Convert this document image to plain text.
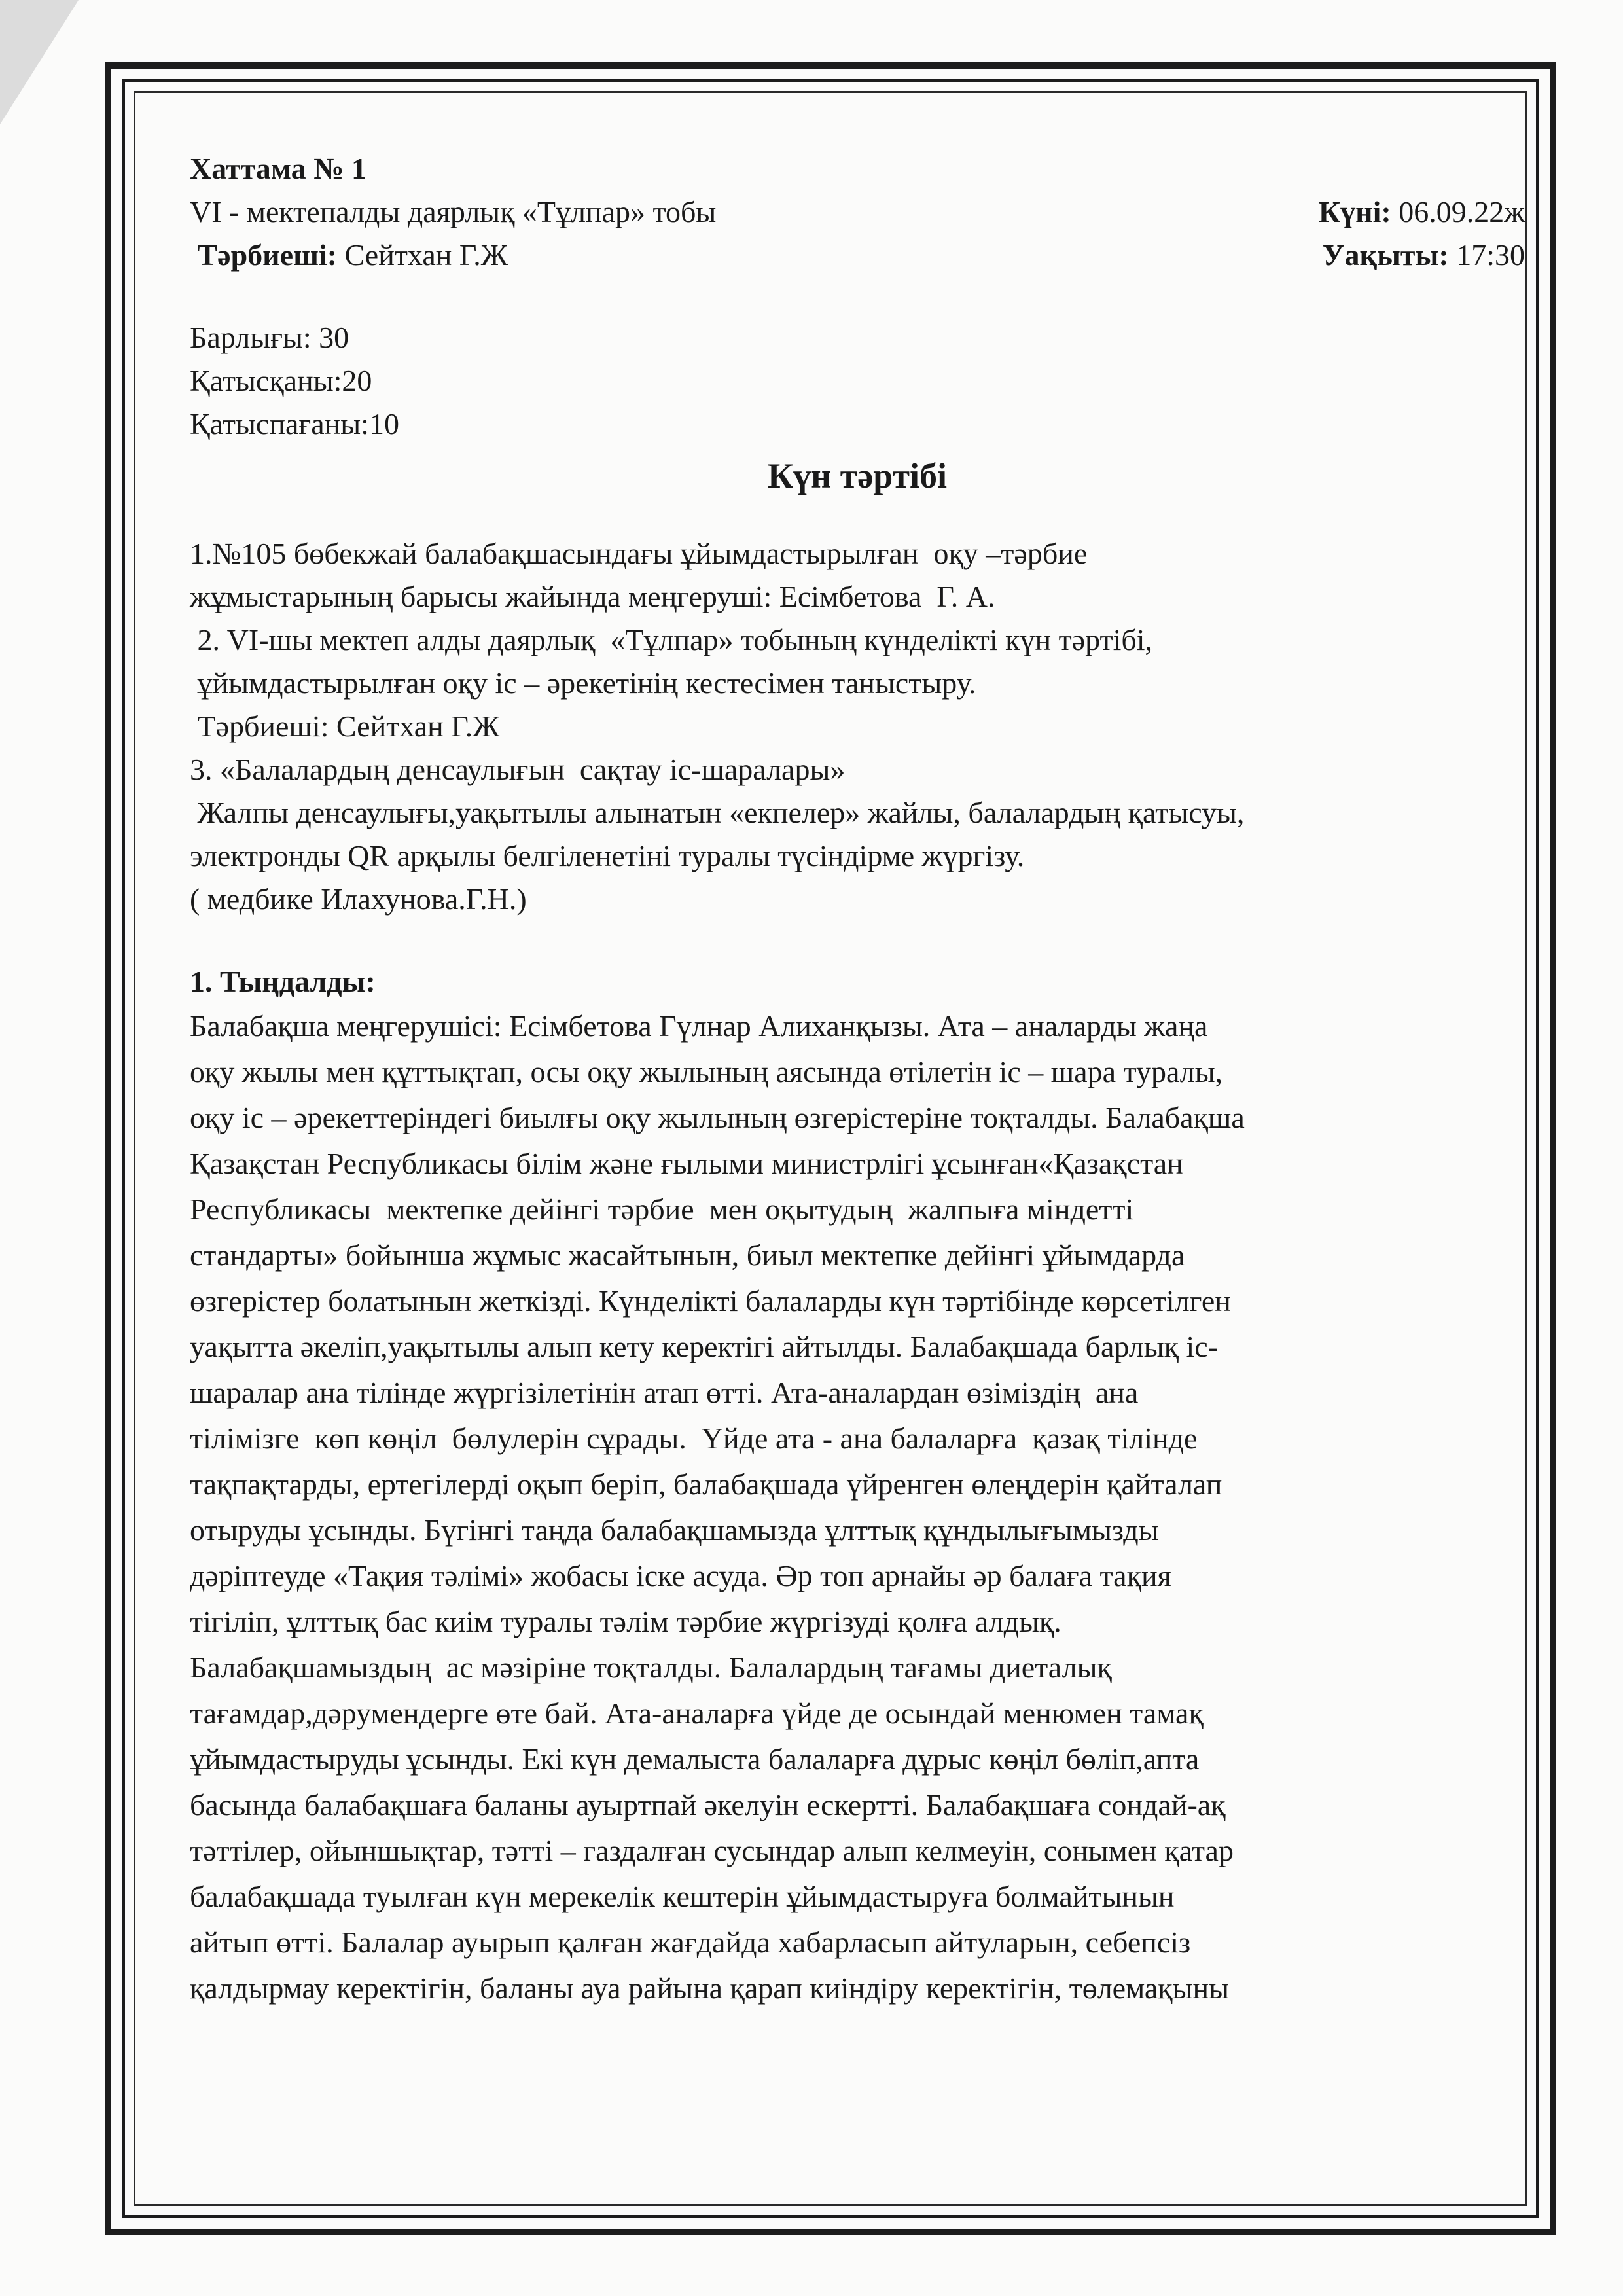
Хаттама № 1
VI - мектепалды даярлық «Тұлпар» тобы	Күні: 06.09.22ж
Тәрбиеші: Сейтхан Г.Ж	Уақыты: 17:30
Барлығы: 30
Қатысқаны:20
Қатыспағаны:10
Күн тәртібі
1.№105 бөбекжай балабақшасындағы ұйымдастырылған  оқу –тәрбие
жұмыстарының барысы жайында меңгеруші: Есімбетова  Г. А.
2. VI-шы мектеп алды даярлық  «Тұлпар» тобының күнделікті күн тәртібі,
ұйымдастырылған оқу іс – әрекетінің кестесімен таныстыру.
Тәрбиеші: Сейтхан Г.Ж
3. «Балалардың денсаулығын  сақтау іс-шаралары»
Жалпы денсаулығы,уақытылы алынатын «екпелер» жайлы, балалардың қатысуы,
электронды QR арқылы белгіленетіні туралы түсіндірме жүргізу.
( медбике Илахунова.Г.Н.)
1. Тыңдалды:
Балабақша меңгерушісі: Есімбетова Гүлнар Алиханқызы. Ата – аналарды жаңа
оқу жылы мен құттықтап, осы оқу жылының аясында өтілетін іс – шара туралы,
оқу іс – әрекеттеріндегі биылғы оқу жылының өзгерістеріне тоқталды. Балабақша
Қазақстан Республикасы білім және ғылыми министрлігі ұсынған«Қазақстан
Республикасы  мектепке дейінгі тәрбие  мен оқытудың  жалпыға міндетті
стандарты» бойынша жұмыс жасайтынын, биыл мектепке дейінгі ұйымдарда
өзгерістер болатынын жеткізді. Күнделікті балаларды күн тәртібінде көрсетілген
уақытта әкеліп,уақытылы алып кету керектігі айтылды. Балабақшада барлық іс-
шаралар ана тілінде жүргізілетінін атап өтті. Ата-аналардан өзіміздің  ана
тілімізге  көп көңіл  бөлулерін сұрады.  Үйде ата - ана балаларға  қазақ тілінде
тақпақтарды, ертегілерді оқып беріп, балабақшада үйренген өлеңдерін қайталап
отыруды ұсынды. Бүгінгі таңда балабақшамызда ұлттық құндылығымызды
дәріптеуде «Тақия тәлімі» жобасы іске асуда. Әр топ арнайы әр балаға тақия
тігіліп, ұлттық бас киім туралы тәлім тәрбие жүргізуді қолға алдық.
Балабақшамыздың  ас мәзіріне тоқталды. Балалардың тағамы диеталық
тағамдар,дәрумендерге өте бай. Ата-аналарға үйде де осындай менюмен тамақ
ұйымдастыруды ұсынды. Екі күн демалыста балаларға дұрыс көңіл бөліп,апта
басында балабақшаға баланы ауыртпай әкелуін ескертті. Балабақшаға сондай-ақ
тәттілер, ойыншықтар, тәтті – газдалған сусындар алып келмеуін, сонымен қатар
балабақшада туылған күн мерекелік кештерін ұйымдастыруға болмайтынын
айтып өтті. Балалар ауырып қалған жағдайда хабарласып айтуларын, себепсіз
қалдырмау керектігін, баланы ауа райына қарап киіндіру керектігін, төлемақыны
